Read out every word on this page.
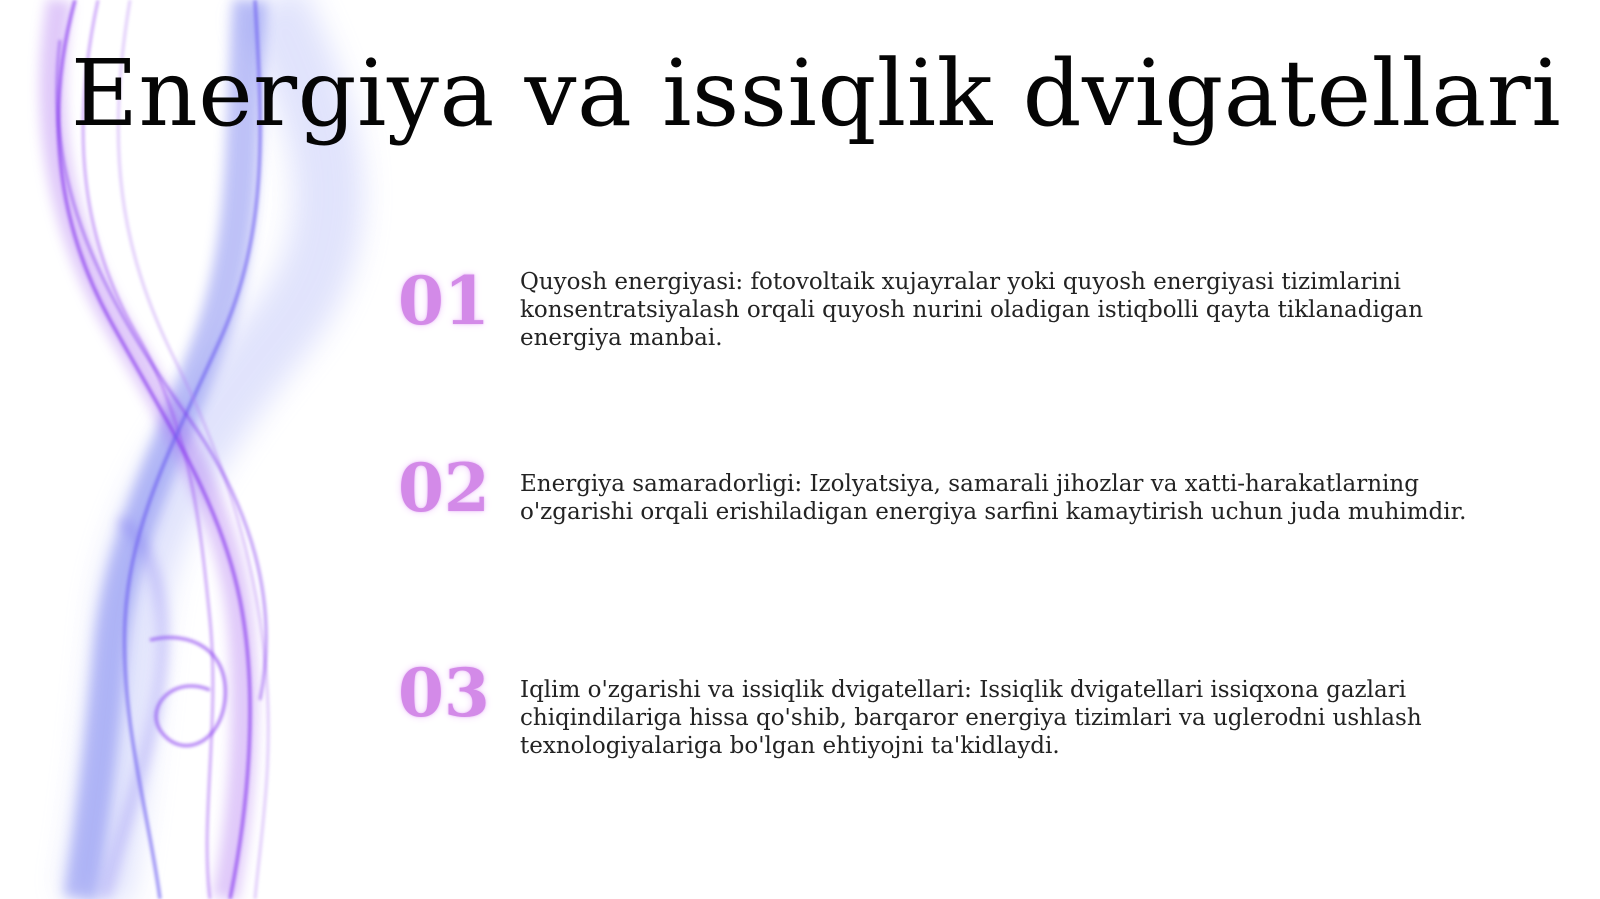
Energiya va issiqlik dvigatellari
01 Quyosh energiyasi: fotovoltaik xujayralar yoki quyosh energiyasi tizimlarini konsentratsiyalash orqali quyosh nurini oladigan istiqbolli qayta tiklanadigan energiya manbai.
02 Energiya samaradorligi: Izolyatsiya, samarali jihozlar va xatti-harakatlarning o'zgarishi orqali erishiladigan energiya sarfini kamaytirish uchun juda muhimdir.
03 Iqlim o'zgarishi va issiqlik dvigatellari: Issiqlik dvigatellari issiqxona gazlari chiqindilariga hissa qo'shib, barqaror energiya tizimlari va uglerodni ushlash texnologiyalariga bo'lgan ehtiyojni ta'kidlaydi.
